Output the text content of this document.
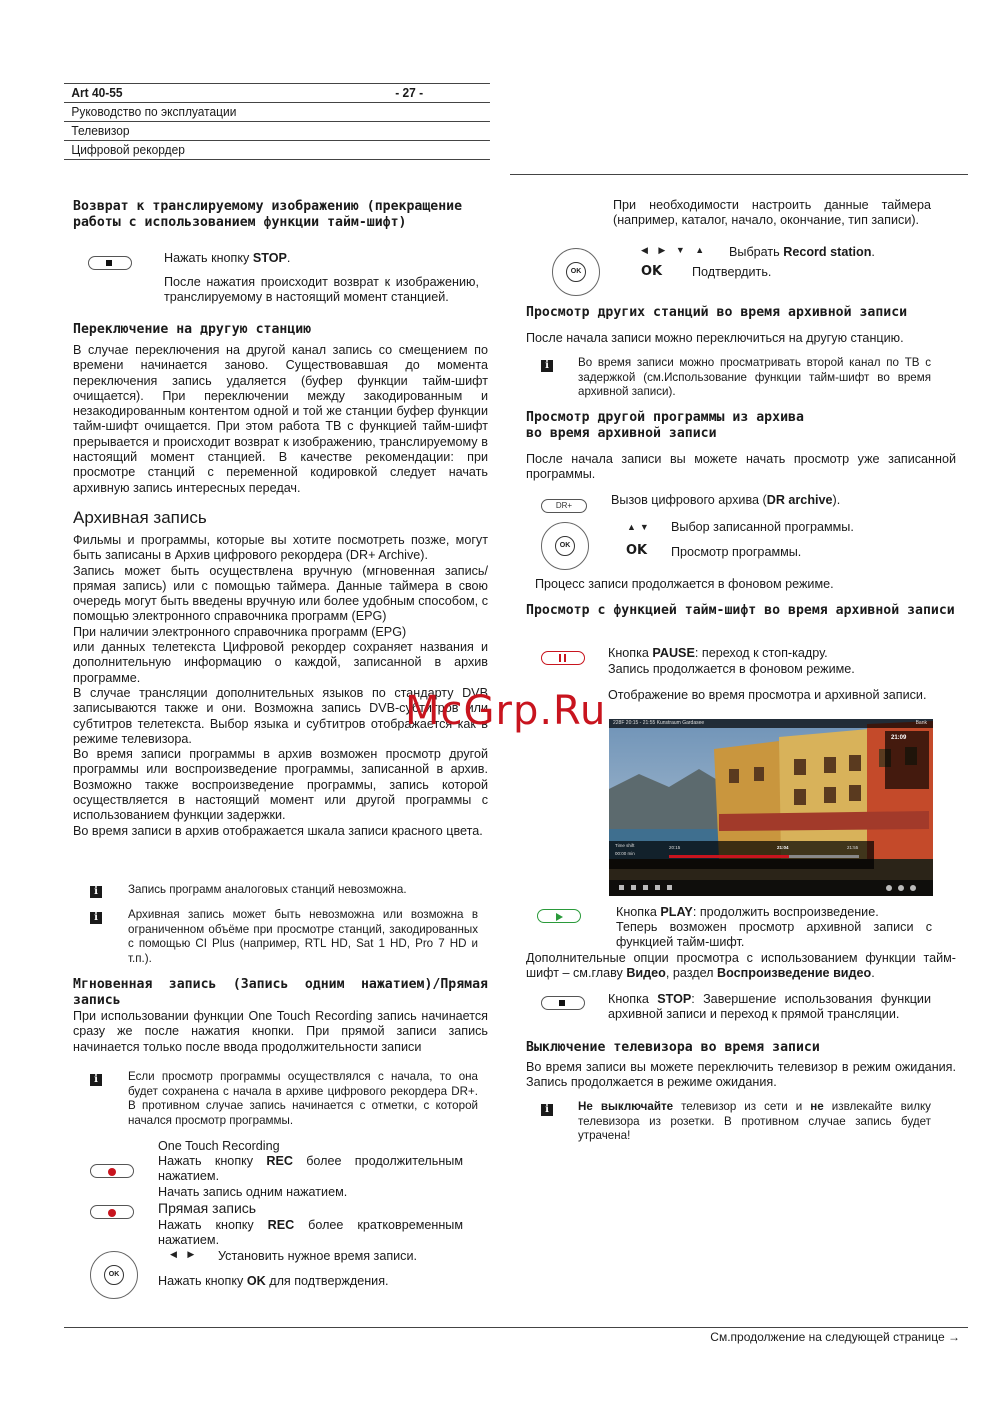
Art 40-55	- 27 -
Руководство по эксплуатации
Телевизор
Цифровой рекордер
Возврат к транслируемому изображению (прекращение работы с использованием функции тайм-шифт)

Нажать кнопку STOP.

После нажатия происходит возврат к изображению, транслируемому в настоящий момент станцией.

Переключение на другую станцию

В случае переключения на другой канал запись со смещением по времени начинается заново. Существовавшая до момента переключения запись удаляется (буфер функции тайм-шифт очищается). При переключении между закодированным и незакодированным контентом одной и той же станции буфер функции тайм-шифт очищается. При этом работа ТВ с функцией тайм-шифт прерывается и происходит возврат к изображению, транслируемому в настоящий момент станцией. В качестве рекомендации: при просмотре станций с переменной кодировкой следует начать архивную запись интересных передач.

Архивная запись

Фильмы и программы, которые вы хотите посмотреть позже, могут быть записаны в Архив цифрового рекордера (DR+ Archive).

Запись может быть осуществлена вручную (мгновенная запись/прямая запись) или с помощью таймера. Данные таймера в свою очередь могут быть введены вручную или более удобным способом, с помощью электронного справочника программ (EPG)

При наличии электронного справочника программ (EPG)

или данных телетекста Цифровой рекордер сохраняет названия и дополнительную информацию о каждой, записанной в архив программе.

В случае трансляции дополнительных языков по стандарту DVB записываются также и они. Возможна запись DVB-субтитров или субтитров телетекста. Выбор языка и субтитров отображается как в режиме телевизора.

Во время записи программы в архив возможен просмотр другой программы или воспроизведение программы, записанной в архив. Возможно также воспроизведение программы, запись которой осуществляется в настоящий момент или другой программы с использованием функции задержки.

Во время записи в архив отображается шкала записи красного цвета.

i	Запись программ аналоговых станций невозможна.

i	Архивная запись может быть невозможна или возможна в ограниченном объёме при просмотре станций, закодированных с помощью CI Plus (например, RTL HD, Sat 1 HD, Pro 7 HD и т.п.).

Мгновенная запись (Запись одним нажатием)/Прямая запись

При использовании функции One Touch Recording запись начинается сразу же после нажатия кнопки. При прямой записи запись начинается только после ввода продолжительности записи

i	Если просмотр программы осуществлялся с начала, то она будет сохранена с начала в архиве цифрового рекордера DR+. В противном случае запись начинается с отметки, с которой начался просмотр программы.

One Touch Recording

Нажать кнопку REC более продолжительным нажатием.

Начать запись одним нажатием.

Прямая запись

Нажать кнопку REC более кратковременным нажатием.

◀ ▶ Установить нужное время записи.

OK	Нажать кнопку OK для подтверждения.

При необходимости настроить данные таймера (например, каталог, начало, окончание, тип записи).

OK
◀ ▶ ▼ ▲ Выбрать Record station.

OK Подтвердить.

Просмотр других станций во время архивной записи

После начала записи можно переключиться на другую станцию.

i	Во время записи можно просматривать второй канал по ТВ с задержкой (см.Использование функции тайм-шифт во время архивной записи).

Просмотр другой программы из архива во время архивной записи

После начала записи вы можете начать просмотр уже записанной программы.

DR+	Вызов цифрового архива (DR archive).

OK
▲▼ Выбор записанной программы.

OK Просмотр программы.

Процесс записи продолжается в фоновом режиме.

Просмотр с функцией тайм-шифт во время архивной записи

Кнопка PAUSE: переход к стоп-кадру.

Запись продолжается в фоновом режиме.

Отображение во время просмотра и архивной записи.

228F 20:15 - 21:55 Kunstraum Gardasee	Bank
21:09
Time shift
00:00 min
20:15	21:04	21:55

Кнопка PLAY: продолжить воспроизведение.

Теперь возможен просмотр архивной записи с функцией тайм-шифт.

Дополнительные опции просмотра с использованием функции тайм-шифт – см.главу Видео, раздел Воспроизведение видео.

Кнопка STOP: Завершение использования функции архивной записи и переход к прямой трансляции.

Выключение телевизора во время записи

Во время записи вы можете переключить телевизор в режим ожидания. Запись продолжается в режиме ожидания.

i	Не выключайте телевизор из сети и не извлекайте вилку телевизора из розетки. В противном случае запись будет утрачена!

McGrp.Ru
См.продолжение на следующей странице →
